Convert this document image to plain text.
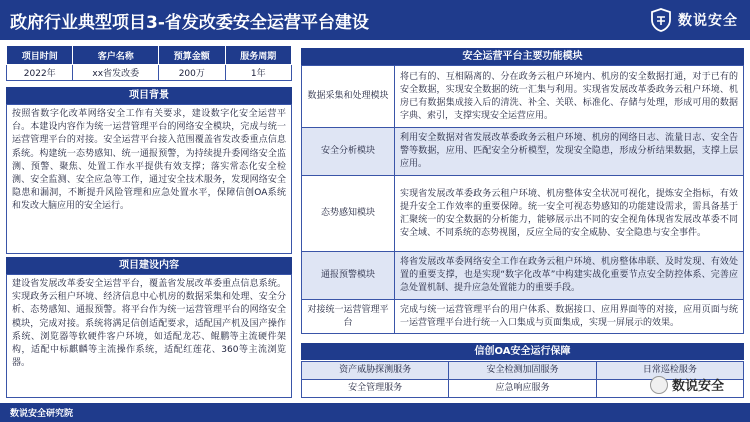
政府行业典型项目3-省发改委安全运营平台建设	数说安全
项目时间	客户名称	预算金额	服务周期
2022年	xx省发改委	200万	1年
项目背景
按照省数字化改革网络安全工作有关要求，建设数字化安全运营平台。本建设内容作为统一运营管理平台的网络安全模块，完成与统一运营管理平台的对接。安全运营平台接入范围覆盖省发改委重点信息系统。构建统一态势感知、统一通报预警，为持续提升委网络安全监测、预警、聚焦、处置工作水平提供有效支撑；落实常态化安全检测、安全监测、安全应急等工作，通过安全技术服务，发现网络安全隐患和漏洞，不断提升风险管理和应急处置水平，保障信创OA系统和发改大脑应用的安全运行。
项目建设内容
建设省发展改革委安全运营平台，覆盖省发展改革委重点信息系统。实现政务云租户环境、经济信息中心机房的数据采集和处理、安全分析、态势感知、通报预警。将平台作为统一运营管理平台的网络安全模块，完成对接。系统将满足信创适配要求，适配国产机及国产操作系统、浏览器等软硬件客户环境，如适配龙芯、鲲鹏等主流硬件架构，适配中标麒麟等主流操作系统，适配红莲花、360等主流浏览器。
安全运营平台主要功能模块
数据采集和处理模块	将已有的、互相隔离的、分在政务云租户环境内、机房的安全数据打通，对于已有的安全数据，实现安全数据的统一汇集与利用。实现省发展改革委政务云租户环境、机房已有数据集成接入后的清洗、补全、关联、标准化、存储与处理，形成可用的数据字典、索引，支撑实现安全运营应用。
安全分析模块	利用安全数据对省发展改革委政务云租户环境、机房的网络日志、流量日志、安全告警等数据，应用、匹配安全分析模型，发现安全隐患，形成分析结果数据，支撑上层应用。
态势感知模块	实现省发展改革委政务云租户环境、机房整体安全状况可视化，提炼安全指标，有效提升安全工作效率的重要保障。统一安全可视态势感知的功能建设需求，需具备基于汇聚统一的安全数据的分析能力，能够展示出不同的安全视角体现省发展改革委不同安全域、不同系统的态势视图，反应全局的安全威胁、安全隐患与安全事件。
通报预警模块	将省发展改革委网络安全工作在政务云租户环境、机房整体串联、及时发现、有效处置的重要支撑，也是实现“数字化改革”中构建实战化重要节点安全防控体系、完善应急处置机制、提升应急处置能力的重要手段。
对接统一运营管理平台	完成与统一运营管理平台的用户体系、数据接口、应用界面等的对接，应用页面与统一运营管理平台进行统一入口集成与页面集成，实现一屏展示的效果。
信创OA安全运行保障
资产威胁探测服务	安全检测加固服务	日常巡检服务
安全管理服务	应急响应服务	数说安全
数说安全研究院
